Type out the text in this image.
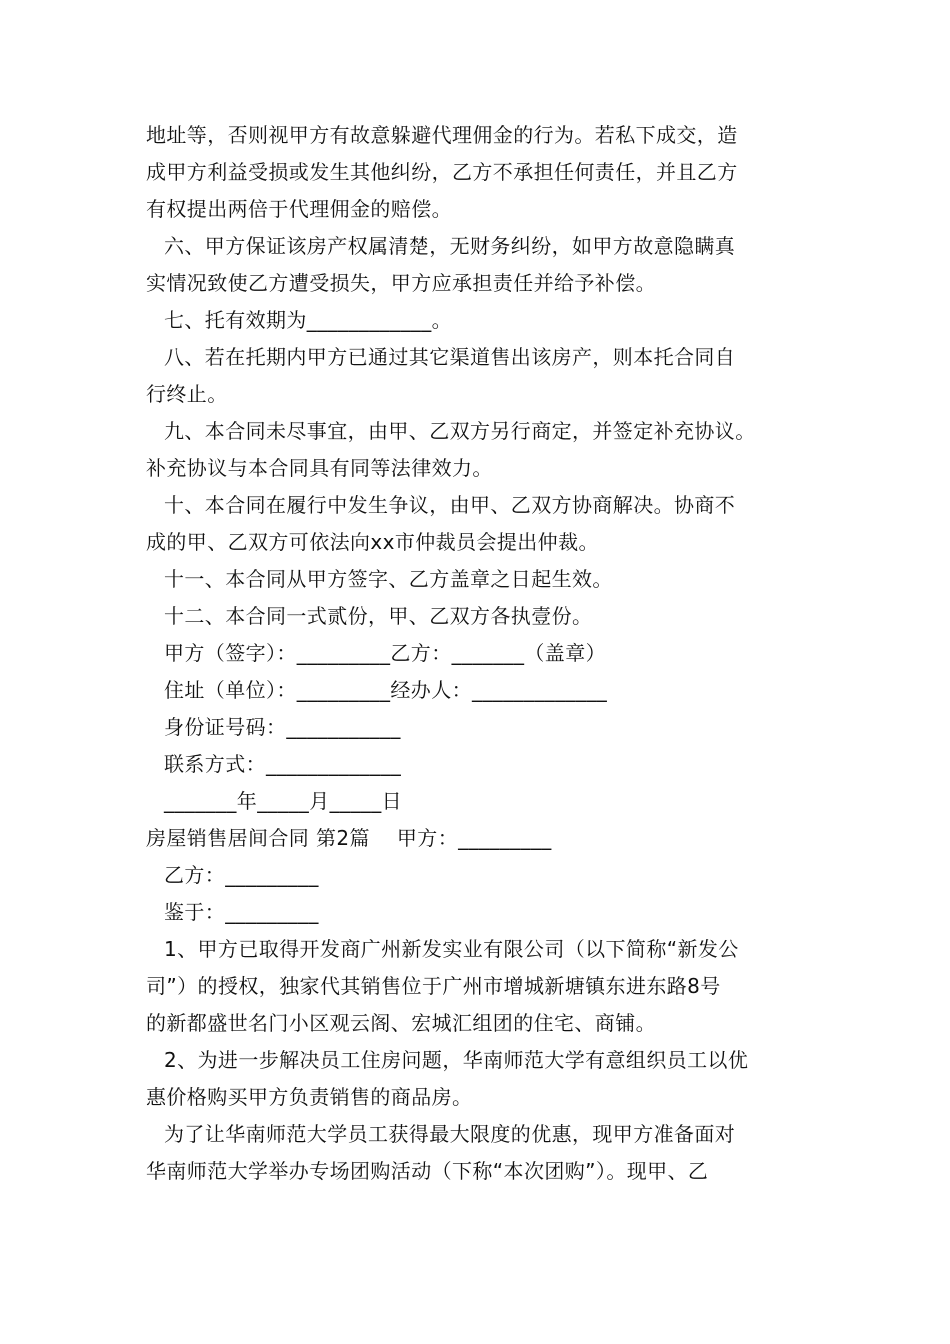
地址等，否则视甲方有故意躲避代理佣金的行为。若私下成交，造
成甲方利益受损或发生其他纠纷，乙方不承担任何责任，并且乙方
有权提出两倍于代理佣金的赔偿。
六、甲方保证该房产权属清楚，无财务纠纷，如甲方故意隐瞒真
实情况致使乙方遭受损失，甲方应承担责任并给予补偿。
七、托有效期为____________。
八、若在托期内甲方已通过其它渠道售出该房产，则本托合同自
行终止。
九、本合同未尽事宜，由甲、乙双方另行商定，并签定补充协议。
补充协议与本合同具有同等法律效力。
十、本合同在履行中发生争议，由甲、乙双方协商解决。协商不
成的甲、乙双方可依法向xx市仲裁员会提出仲裁。
十一、本合同从甲方签字、乙方盖章之日起生效。
十二、本合同一式贰份，甲、乙双方各执壹份。
甲方（签字）：_________乙方：_______（盖章）
住址（单位）：_________经办人：_____________
身份证号码：___________
联系方式：_____________
_______年_____月_____日
房屋销售居间合同 第2篇    甲方：_________
乙方：_________
鉴于：_________
1、甲方已取得开发商广州新发实业有限公司（以下简称“新发公
司”）的授权，独家代其销售位于广州市增城新塘镇东进东路8号
的新都盛世名门小区观云阁、宏城汇组团的住宅、商铺。
2、为进一步解决员工住房问题，华南师范大学有意组织员工以优
惠价格购买甲方负责销售的商品房。
为了让华南师范大学员工获得最大限度的优惠，现甲方准备面对
华南师范大学举办专场团购活动（下称“本次团购”）。现甲、乙
